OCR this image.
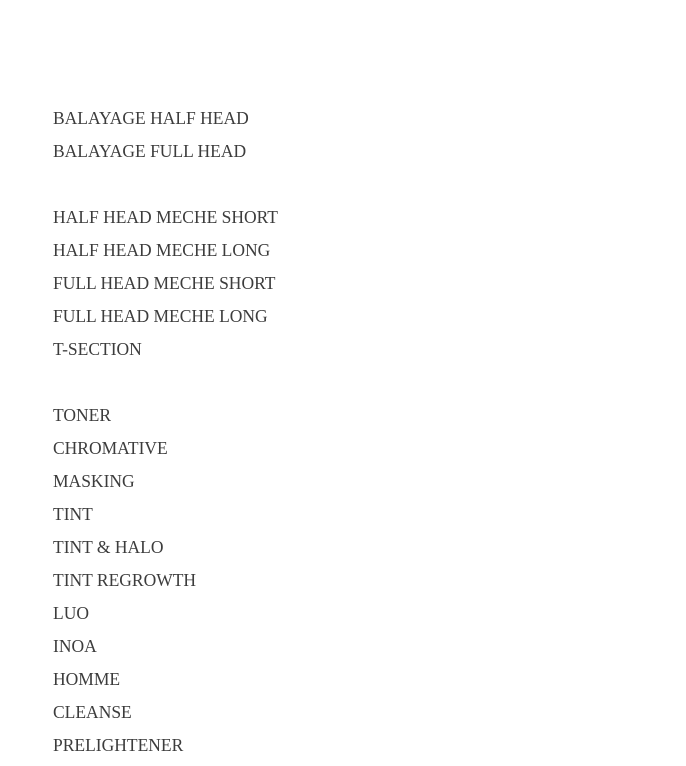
BALAYAGE HALF HEAD
BALAYAGE FULL HEAD
HALF HEAD MECHE SHORT
HALF HEAD MECHE LONG
FULL HEAD MECHE SHORT
FULL HEAD MECHE LONG
T-SECTION
TONER
CHROMATIVE
MASKING
TINT
TINT & HALO
TINT REGROWTH
LUO
INOA
HOMME
CLEANSE
PRELIGHTENER
